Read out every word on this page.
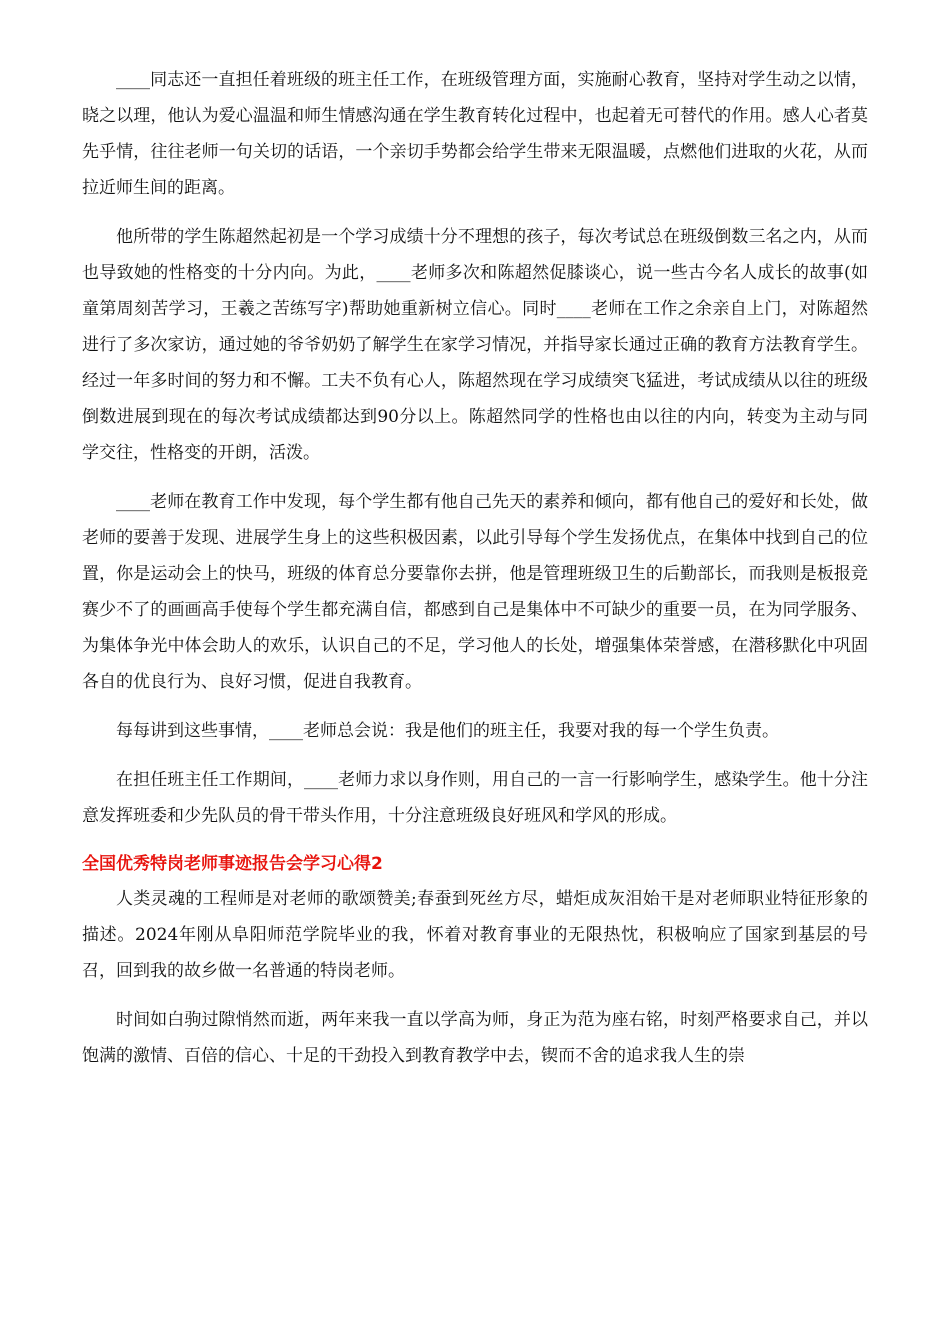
____同志还一直担任着班级的班主任工作，在班级管理方面，实施耐心教育，坚持对学生动之以情，晓之以理，他认为爱心温温和师生情感沟通在学生教育转化过程中，也起着无可替代的作用。感人心者莫先乎情，往往老师一句关切的话语，一个亲切手势都会给学生带来无限温暖，点燃他们进取的火花，从而拉近师生间的距离。

他所带的学生陈超然起初是一个学习成绩十分不理想的孩子，每次考试总在班级倒数三名之内，从而也导致她的性格变的十分内向。为此，____老师多次和陈超然促膝谈心，说一些古今名人成长的故事(如童第周刻苦学习，王羲之苦练写字)帮助她重新树立信心。同时____老师在工作之余亲自上门，对陈超然进行了多次家访，通过她的爷爷奶奶了解学生在家学习情况，并指导家长通过正确的教育方法教育学生。经过一年多时间的努力和不懈。工夫不负有心人，陈超然现在学习成绩突飞猛进，考试成绩从以往的班级倒数进展到现在的每次考试成绩都达到90分以上。陈超然同学的性格也由以往的内向，转变为主动与同学交往，性格变的开朗，活泼。

____老师在教育工作中发现，每个学生都有他自己先天的素养和倾向，都有他自己的爱好和长处，做老师的要善于发现、进展学生身上的这些积极因素，以此引导每个学生发扬优点，在集体中找到自己的位置，你是运动会上的快马，班级的体育总分要靠你去拼，他是管理班级卫生的后勤部长，而我则是板报竞赛少不了的画画高手使每个学生都充满自信，都感到自己是集体中不可缺少的重要一员，在为同学服务、为集体争光中体会助人的欢乐，认识自己的不足，学习他人的长处，增强集体荣誉感，在潜移默化中巩固各自的优良行为、良好习惯，促进自我教育。

每每讲到这些事情，____老师总会说：我是他们的班主任，我要对我的每一个学生负责。

在担任班主任工作期间，____老师力求以身作则，用自己的一言一行影响学生，感染学生。他十分注意发挥班委和少先队员的骨干带头作用，十分注意班级良好班风和学风的形成。

全国优秀特岗老师事迹报告会学习心得2

人类灵魂的工程师是对老师的歌颂赞美;春蚕到死丝方尽，蜡炬成灰泪始干是对老师职业特征形象的描述。2024年刚从阜阳师范学院毕业的我，怀着对教育事业的无限热忱，积极响应了国家到基层的号召，回到我的故乡做一名普通的特岗老师。

时间如白驹过隙悄然而逝，两年来我一直以学高为师，身正为范为座右铭，时刻严格要求自己，并以饱满的激情、百倍的信心、十足的干劲投入到教育教学中去，锲而不舍的追求我人生的崇
